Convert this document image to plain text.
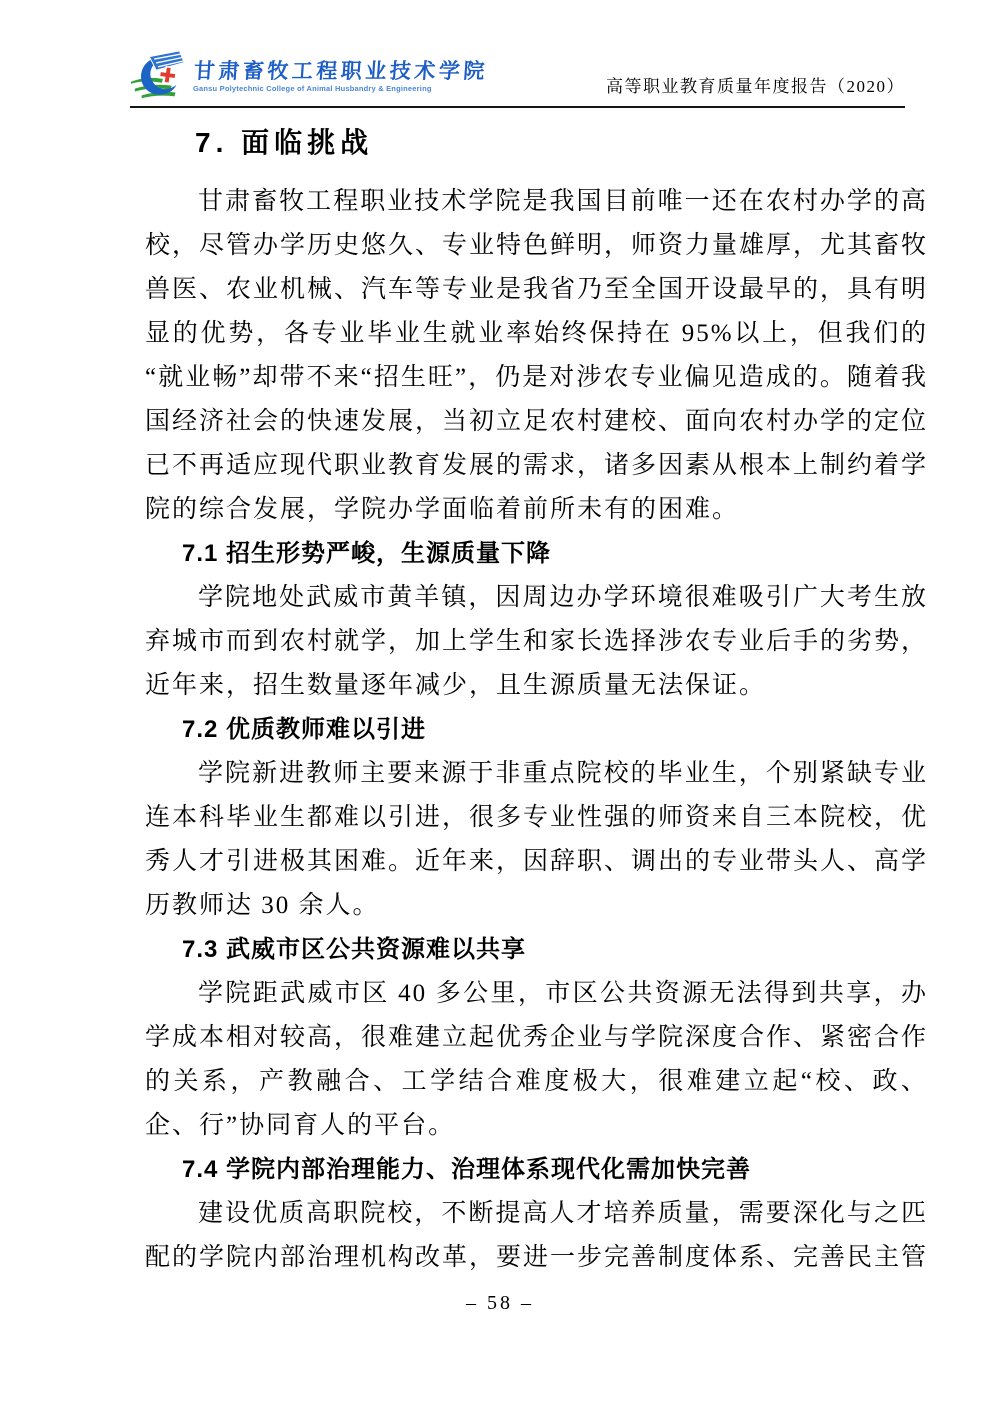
甘肃畜牧工程职业技术学院
Gansu Polytechnic College of Animal Husbandry & Engineering	高等职业教育质量年度报告（2020）
7. 面临挑战

甘肃畜牧工程职业技术学院是我国目前唯一还在农村办学的高校，尽管办学历史悠久、专业特色鲜明，师资力量雄厚，尤其畜牧兽医、农业机械、汽车等专业是我省乃至全国开设最早的，具有明显的优势，各专业毕业生就业率始终保持在 95%以上，但我们的“就业畅”却带不来“招生旺”，仍是对涉农专业偏见造成的。随着我国经济社会的快速发展，当初立足农村建校、面向农村办学的定位已不再适应现代职业教育发展的需求，诸多因素从根本上制约着学院的综合发展，学院办学面临着前所未有的困难。

7.1 招生形势严峻，生源质量下降

学院地处武威市黄羊镇，因周边办学环境很难吸引广大考生放弃城市而到农村就学，加上学生和家长选择涉农专业后手的劣势，近年来，招生数量逐年减少，且生源质量无法保证。

7.2 优质教师难以引进

学院新进教师主要来源于非重点院校的毕业生，个别紧缺专业连本科毕业生都难以引进，很多专业性强的师资来自三本院校，优秀人才引进极其困难。近年来，因辞职、调出的专业带头人、高学历教师达 30 余人。

7.3 武威市区公共资源难以共享

学院距武威市区 40 多公里，市区公共资源无法得到共享，办学成本相对较高，很难建立起优秀企业与学院深度合作、紧密合作的关系，产教融合、工学结合难度极大，很难建立起“校、政、企、行”协同育人的平台。

7.4 学院内部治理能力、治理体系现代化需加快完善

建设优质高职院校，不断提高人才培养质量，需要深化与之匹配的学院内部治理机构改革，要进一步完善制度体系、完善民主管

– 58 –
